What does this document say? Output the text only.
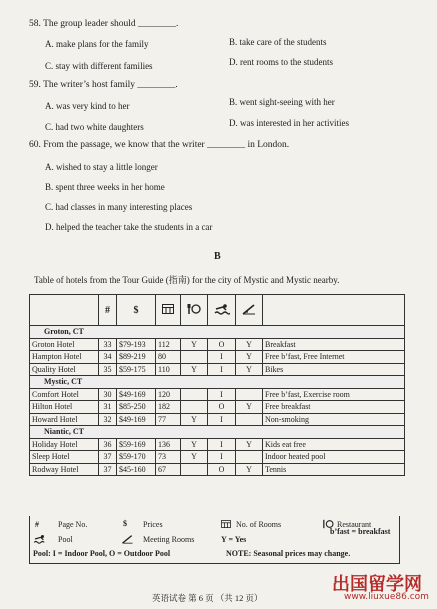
58. The group leader should ________.
A. make plans for the family	B. take care of the students
C. stay with different families	D. rent rooms to the students
59. The writer’s host family ________.
A. was very kind to her	B. went sight-seeing with her
C. had two white daughters	D. was interested in her activities
60. From the passage, we know that the writer ________ in London.
A. wished to stay a little longer
B. spent three weeks in her home
C. had classes in many interesting places
D. helped the teacher take the students in a car
B
Table of hotels from the Tour Guide (指南) for the city of Mystic and Mystic nearby.
	#	$					
Groton, CT							
Groton Hotel	33	$79-193	112	Y	O	Y	Breakfast
Hampton Hotel	34	$89-219	80		I	Y	Free b’fast, Free Internet
Quality Hotel	35	$59-175	110	Y	I	Y	Bikes
Mystic, CT							
Comfort Hotel	30	$49-169	120		I		Free b’fast, Exercise room
Hilton Hotel	31	$85-250	182		O	Y	Free breakfast
Howard Hotel	32	$49-169	77	Y	I		Non-smoking
Niantic, CT							
Holiday Hotel	36	$59-169	136	Y	I	Y	Kids eat free
Sleep Hotel	37	$59-170	73	Y	I		Indoor heated pool
Rodway Hotel	37	$45-160	67		O	Y	Tennis
# Page No.	$ Prices	No. of Rooms	Restaurant
Pool	Meeting Rooms	Y = Yes
b’fast = breakfast
Pool: I = Indoor Pool, O = Outdoor Pool	NOTE: Seasonal prices may change.
英语试卷 第 6 页 （共 12 页）
出国留学网
www.liuxue86.com
